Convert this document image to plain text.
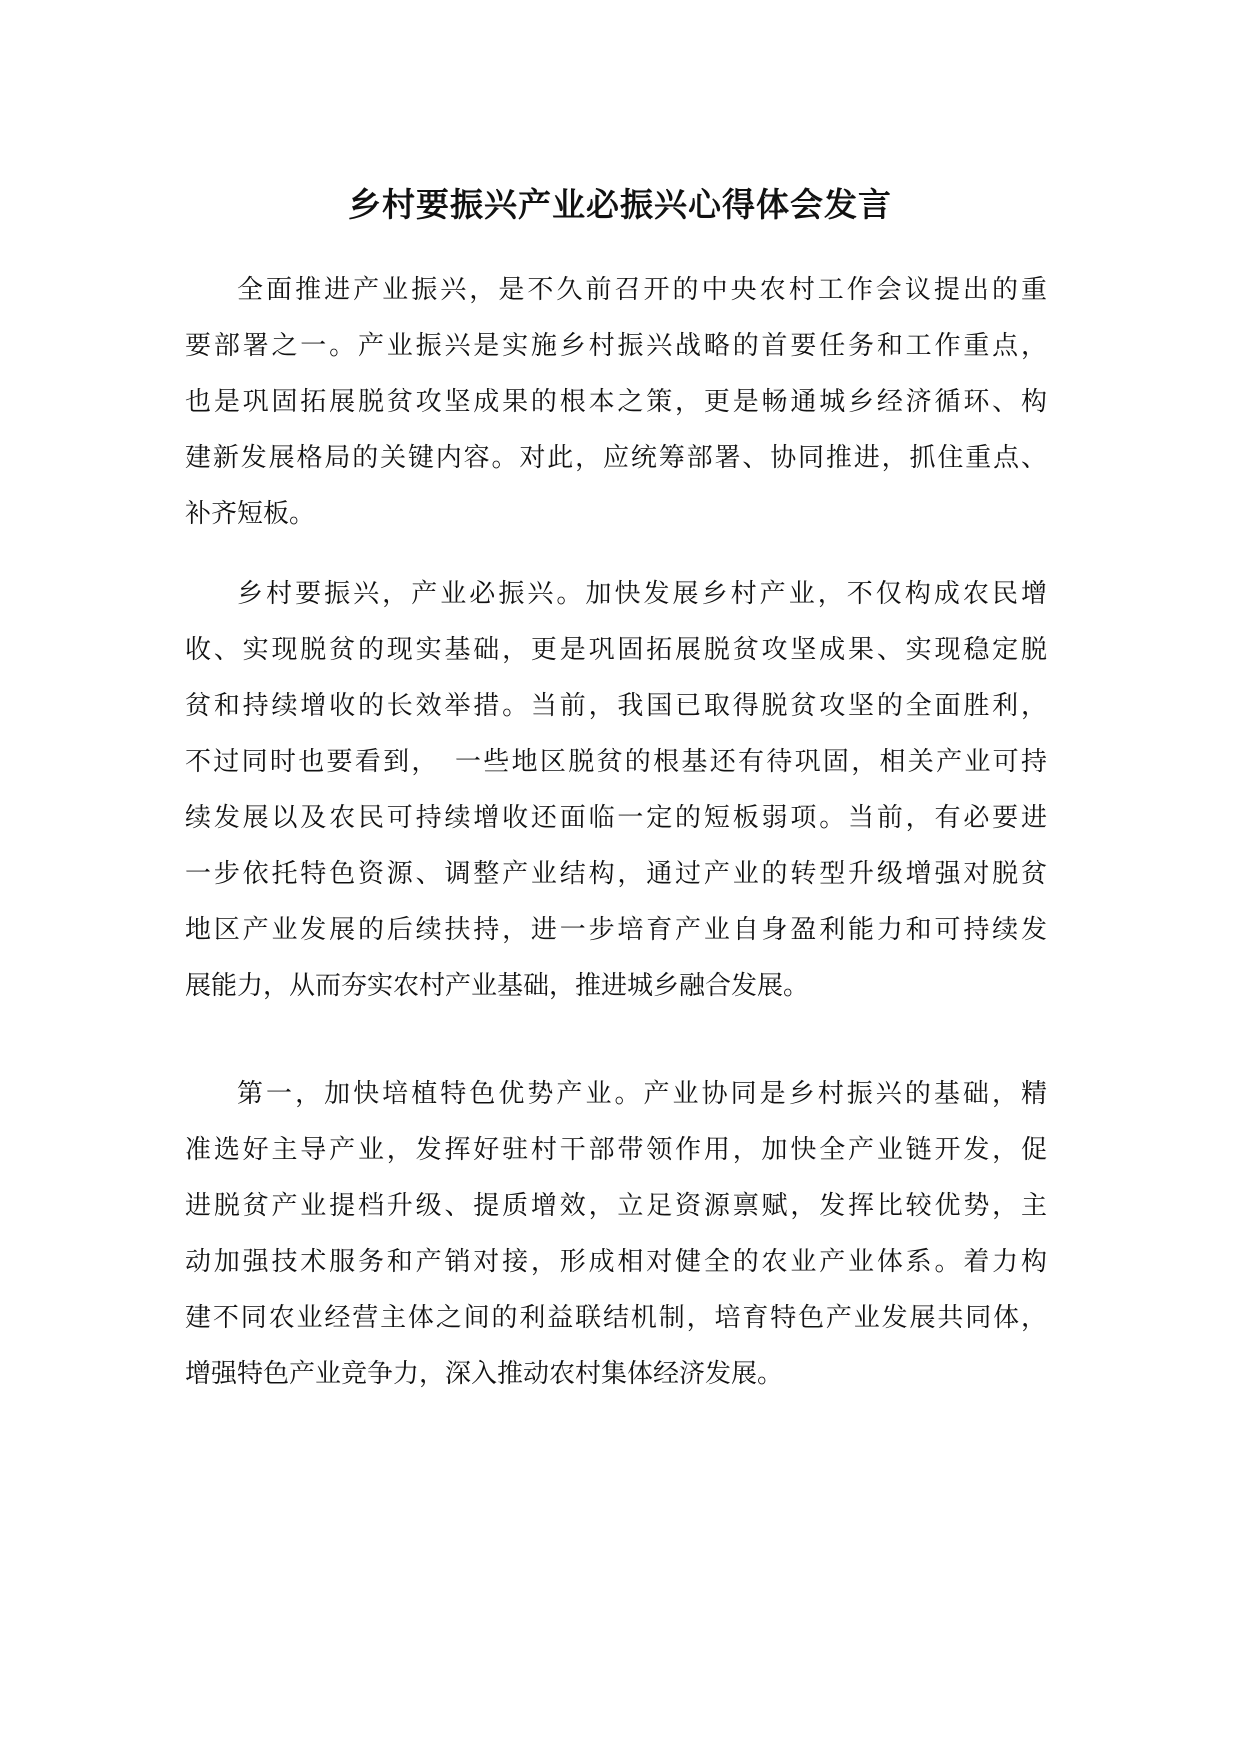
乡村要振兴产业必振兴心得体会发言
全面推进产业振兴，是不久前召开的中央农村工作会议提出的重
要部署之一。产业振兴是实施乡村振兴战略的首要任务和工作重点，
也是巩固拓展脱贫攻坚成果的根本之策，更是畅通城乡经济循环、构
建新发展格局的关键内容。对此，应统筹部署、协同推进，抓住重点、
补齐短板。
乡村要振兴，产业必振兴。加快发展乡村产业，不仅构成农民增
收、实现脱贫的现实基础，更是巩固拓展脱贫攻坚成果、实现稳定脱
贫和持续增收的长效举措。当前，我国已取得脱贫攻坚的全面胜利，
不过同时也要看到，　一些地区脱贫的根基还有待巩固，相关产业可持
续发展以及农民可持续增收还面临一定的短板弱项。当前，有必要进
一步依托特色资源、调整产业结构，通过产业的转型升级增强对脱贫
地区产业发展的后续扶持，进一步培育产业自身盈利能力和可持续发
展能力，从而夯实农村产业基础，推进城乡融合发展。
第一，加快培植特色优势产业。产业协同是乡村振兴的基础，精
准选好主导产业，发挥好驻村干部带领作用，加快全产业链开发，促
进脱贫产业提档升级、提质增效，立足资源禀赋，发挥比较优势，主
动加强技术服务和产销对接，形成相对健全的农业产业体系。着力构
建不同农业经营主体之间的利益联结机制，培育特色产业发展共同体，
增强特色产业竞争力，深入推动农村集体经济发展。
